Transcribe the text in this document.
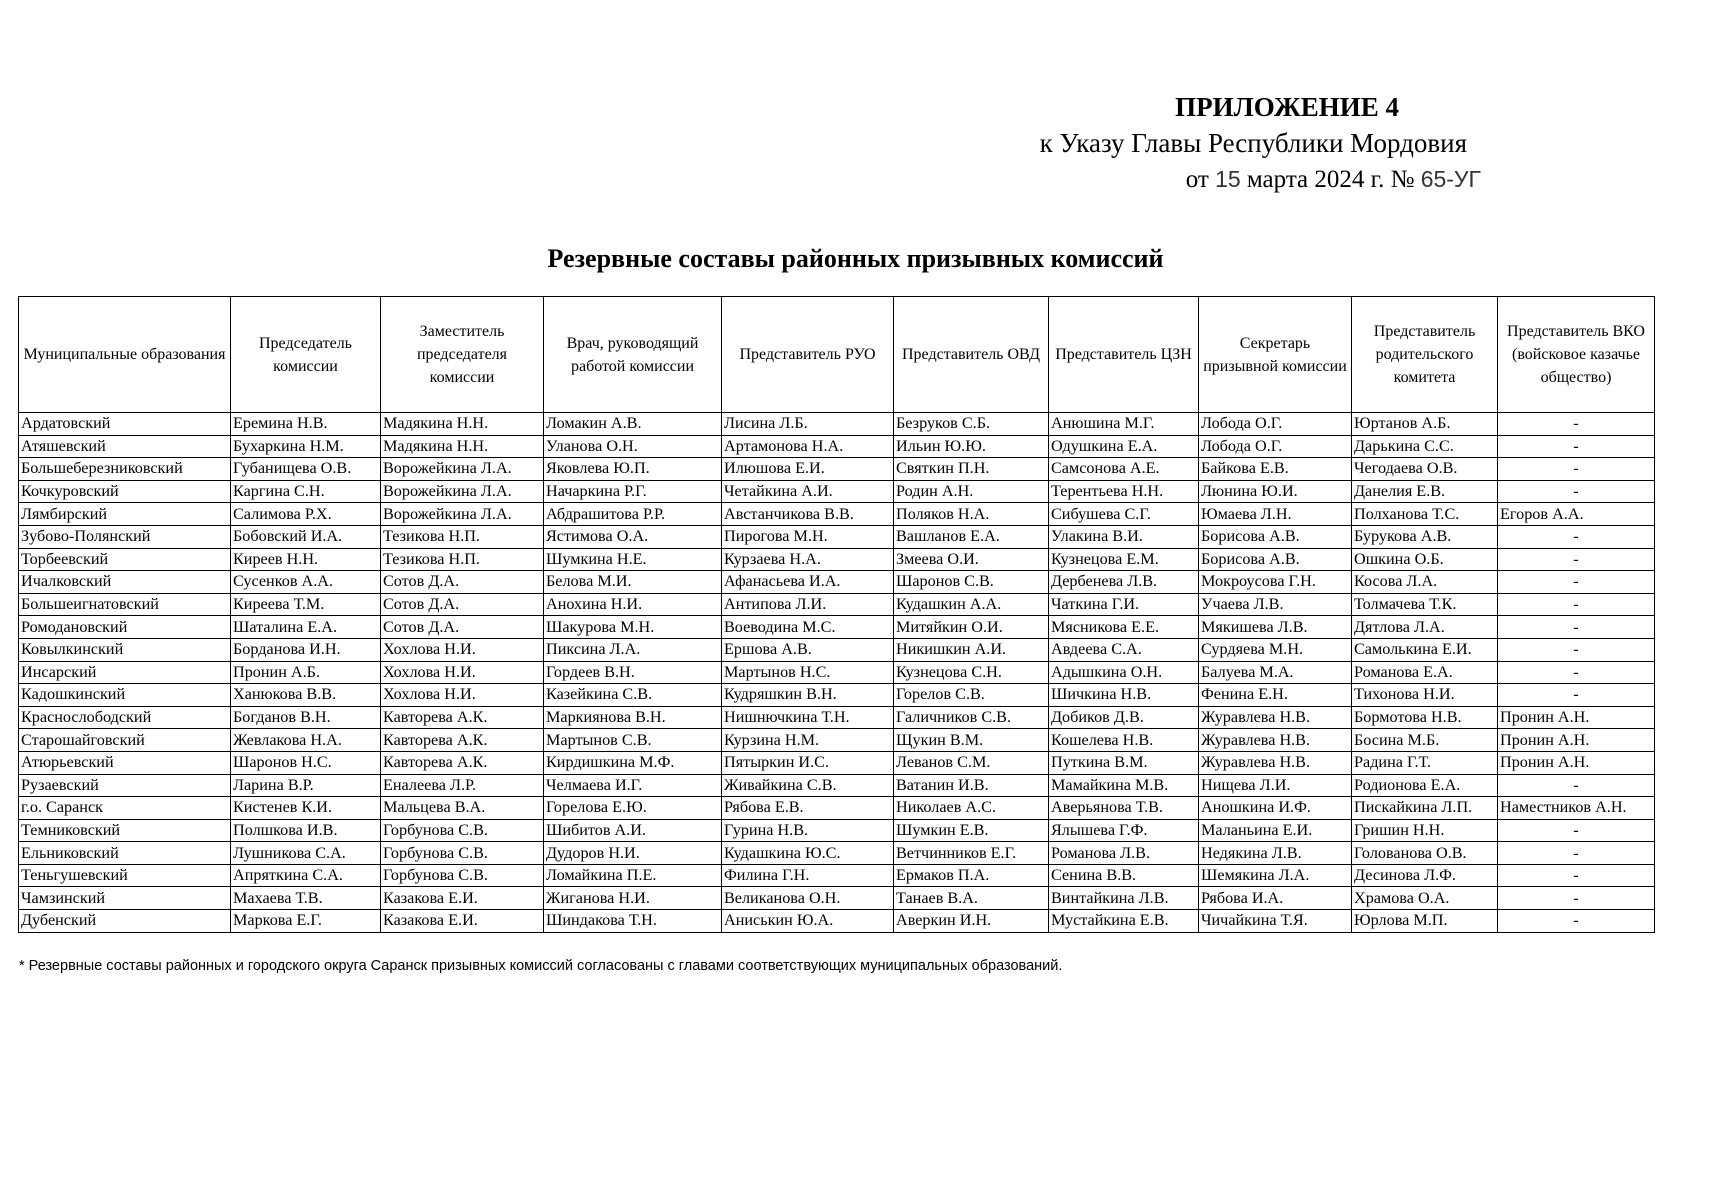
ПРИЛОЖЕНИЕ 4
к Указу Главы Республики Мордовия
от 15 марта 2024 г. № 65-УГ
Резервные составы районных призывных комиссий
Муниципальные образования	Председатель комиссии	Заместитель председателя комиссии	Врач, руководящий работой комиссии	Представитель РУО	Представитель ОВД	Представитель ЦЗН	Секретарь призывной комиссии	Представитель родительского комитета	Представитель ВКО (войсковое казачье общество)
Ардатовский	Еремина Н.В.	Мадякина Н.Н.	Ломакин А.В.	Лисина Л.Б.	Безруков С.Б.	Анюшина М.Г.	Лобода О.Г.	Юртанов А.Б.	-
Атяшевский	Бухаркина Н.М.	Мадякина Н.Н.	Уланова О.Н.	Артамонова Н.А.	Ильин Ю.Ю.	Одушкина Е.А.	Лобода О.Г.	Дарькина С.С.	-
Большеберезниковский	Губанищева О.В.	Ворожейкина Л.А.	Яковлева Ю.П.	Илюшова Е.И.	Святкин П.Н.	Самсонова А.Е.	Байкова Е.В.	Чегодаева О.В.	-
Кочкуровский	Каргина С.Н.	Ворожейкина Л.А.	Начаркина Р.Г.	Четайкина А.И.	Родин А.Н.	Терентьева Н.Н.	Люнина Ю.И.	Данелия Е.В.	-
Лямбирский	Салимова Р.Х.	Ворожейкина Л.А.	Абдрашитова Р.Р.	Австанчикова В.В.	Поляков Н.А.	Сибушева С.Г.	Юмаева Л.Н.	Полханова Т.С.	Егоров А.А.
Зубово-Полянский	Бобовский И.А.	Тезикова Н.П.	Ястимова О.А.	Пирогова М.Н.	Вашланов Е.А.	Улакина В.И.	Борисова А.В.	Бурукова А.В.	-
Торбеевский	Киреев Н.Н.	Тезикова Н.П.	Шумкина Н.Е.	Курзаева Н.А.	Змеева О.И.	Кузнецова Е.М.	Борисова А.В.	Ошкина О.Б.	-
Ичалковский	Сусенков А.А.	Сотов Д.А.	Белова М.И.	Афанасьева И.А.	Шаронов С.В.	Дербенева Л.В.	Мокроусова Г.Н.	Косова Л.А.	-
Большеигнатовский	Киреева Т.М.	Сотов Д.А.	Анохина Н.И.	Антипова Л.И.	Кудашкин А.А.	Чаткина Г.И.	Учаева Л.В.	Толмачева Т.К.	-
Ромодановский	Шаталина Е.А.	Сотов Д.А.	Шакурова М.Н.	Воеводина М.С.	Митяйкин О.И.	Мясникова Е.Е.	Мякишева Л.В.	Дятлова Л.А.	-
Ковылкинский	Борданова И.Н.	Хохлова Н.И.	Пиксина Л.А.	Ершова А.В.	Никишкин А.И.	Авдеева С.А.	Сурдяева М.Н.	Самолькина Е.И.	-
Инсарский	Пронин А.Б.	Хохлова Н.И.	Гордеев В.Н.	Мартынов Н.С.	Кузнецова С.Н.	Адышкина О.Н.	Балуева М.А.	Романова Е.А.	-
Кадошкинский	Ханюкова В.В.	Хохлова Н.И.	Казейкина С.В.	Кудряшкин В.Н.	Горелов С.В.	Шичкина Н.В.	Фенина Е.Н.	Тихонова Н.И.	-
Краснослободский	Богданов В.Н.	Кавторева А.К.	Маркиянова В.Н.	Нишнючкина Т.Н.	Галичников С.В.	Добиков Д.В.	Журавлева Н.В.	Бормотова Н.В.	Пронин А.Н.
Старошайговский	Жевлакова Н.А.	Кавторева А.К.	Мартынов С.В.	Курзина Н.М.	Щукин В.М.	Кошелева Н.В.	Журавлева Н.В.	Босина М.Б.	Пронин А.Н.
Атюрьевский	Шаронов Н.С.	Кавторева А.К.	Кирдишкина М.Ф.	Пятыркин И.С.	Леванов С.М.	Путкина В.М.	Журавлева Н.В.	Радина Г.Т.	Пронин А.Н.
Рузаевский	Ларина В.Р.	Еналеева Л.Р.	Челмаева И.Г.	Живайкина С.В.	Ватанин И.В.	Мамайкина М.В.	Нищева Л.И.	Родионова Е.А.	-
г.о. Саранск	Кистенев К.И.	Мальцева В.А.	Горелова Е.Ю.	Рябова Е.В.	Николаев А.С.	Аверьянова Т.В.	Аношкина И.Ф.	Пискайкина Л.П.	Наместников А.Н.
Темниковский	Полшкова И.В.	Горбунова С.В.	Шибитов А.И.	Гурина Н.В.	Шумкин Е.В.	Ялышева Г.Ф.	Маланьина Е.И.	Гришин Н.Н.	-
Ельниковский	Лушникова С.А.	Горбунова С.В.	Дудоров Н.И.	Кудашкина Ю.С.	Ветчинников Е.Г.	Романова Л.В.	Недякина Л.В.	Голованова О.В.	-
Теньгушевский	Апряткина С.А.	Горбунова С.В.	Ломайкина П.Е.	Филина Г.Н.	Ермаков П.А.	Сенина В.В.	Шемякина Л.А.	Десинова Л.Ф.	-
Чамзинский	Махаева Т.В.	Казакова Е.И.	Жиганова Н.И.	Великанова О.Н.	Танаев В.А.	Винтайкина Л.В.	Рябова И.А.	Храмова О.А.	-
Дубенский	Маркова Е.Г.	Казакова Е.И.	Шиндакова Т.Н.	Аниськин Ю.А.	Аверкин И.Н.	Мустайкина Е.В.	Чичайкина Т.Я.	Юрлова М.П.	-
* Резервные составы районных и городского округа Саранск призывных комиссий согласованы с главами соответствующих муниципальных образований.
